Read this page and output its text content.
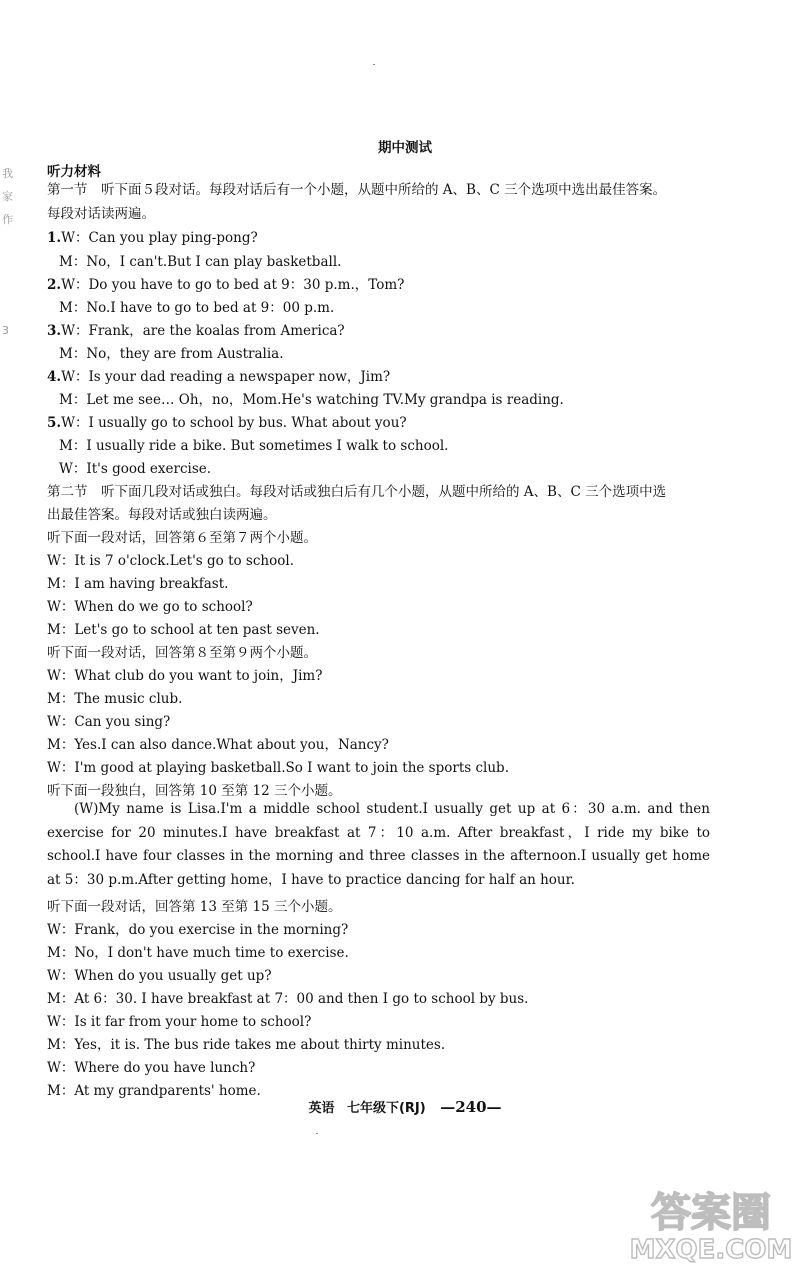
期中测试
听力材料
我
家
作
3
第一节　听下面５段对话。每段对话后有一个小题，从题中所给的 A、B、C 三个选项中选出最佳答案。
每段对话读两遍。
1.W：Can you play ping-pong?
M：No，I can't.But I can play basketball.
2.W：Do you have to go to bed at 9：30 p.m.，Tom?
M：No.I have to go to bed at 9：00 p.m.
3.W：Frank，are the koalas from America?
M：No，they are from Australia.
4.W：Is your dad reading a newspaper now，Jim?
M：Let me see… Oh，no，Mom.He's watching TV.My grandpa is reading.
5.W：I usually go to school by bus. What about you?
M：I usually ride a bike. But sometimes I walk to school.
W：It's good exercise.
第二节　听下面几段对话或独白。每段对话或独白后有几个小题，从题中所给的 A、B、C 三个选项中选
出最佳答案。每段对话或独白读两遍。
听下面一段对话，回答第６至第７两个小题。
W：It is 7 o'clock.Let's go to school.
M：I am having breakfast.
W：When do we go to school?
M：Let's go to school at ten past seven.
听下面一段对话，回答第８至第９两个小题。
W：What club do you want to join，Jim?
M：The music club.
W：Can you sing?
M：Yes.I can also dance.What about you，Nancy?
W：I'm good at playing basketball.So I want to join the sports club.
听下面一段独白，回答第 10 至第 12 三个小题。
听下面一段对话，回答第 13 至第 15 三个小题。
W：Frank，do you exercise in the morning?
M：No，I don't have much time to exercise.
W：When do you usually get up?
M：At 6：30. I have breakfast at 7：00 and then I go to school by bus.
W：Is it far from your home to school?
M：Yes，it is. The bus ride takes me about thirty minutes.
W：Where do you have lunch?
M：At my grandparents' home.
(W)My name is Lisa.I'm a middle school student.I usually get up at 6：30 a.m. and then exercise for 20 minutes.I have breakfast at 7：10 a.m. After breakfast，I ride my bike to school.I have four classes in the morning and three classes in the afternoon.I usually get home at 5：30 p.m.After getting home，I have to practice dancing for half an hour.
英语 七年级下(RJ) —240—
答案圈
MXQE.COM
